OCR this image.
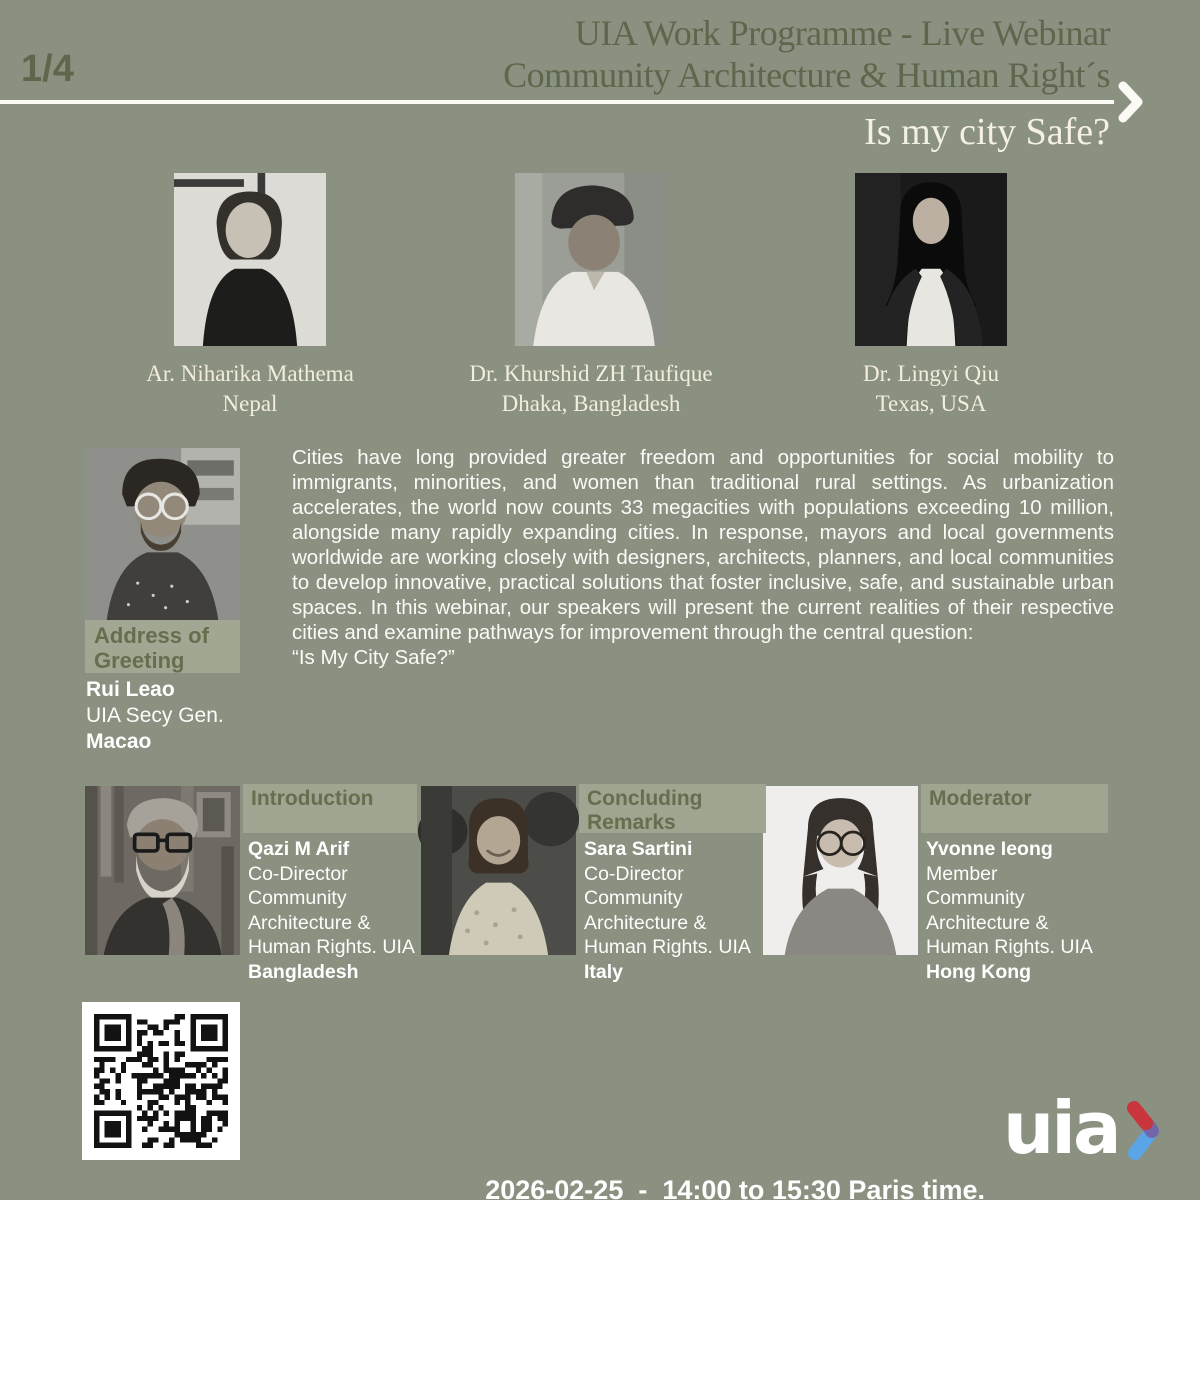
1/4
UIA Work Programme - Live Webinar
Community Architecture & Human Right´s
Is my city Safe?
Ar. Niharika Mathema
Nepal
Dr. Khurshid ZH Taufique
Dhaka, Bangladesh
Dr. Lingyi Qiu
Texas, USA
Address of Greeting
Rui Leao
UIA Secy Gen.
Macao
Cities have long provided greater freedom and opportunities for social mobility to immigrants, minorities, and women than traditional rural settings. As urbanization accelerates, the world now counts 33 megacities with populations exceeding 10 million, alongside many rapidly expanding cities. In response, mayors and local governments worldwide are working closely with designers, architects, planners, and local communities to develop innovative, practical solutions that foster inclusive, safe, and sustainable urban spaces. In this webinar, our speakers will present the current realities of their respective cities and examine pathways for improvement through the central question:
“Is My City Safe?”
Introduction	Concluding Remarks
Moderator
Qazi M Arif
Co-Director
Community
Architecture &
Human Rights. UIA
Bangladesh
Sara Sartini
Co-Director
Community
Architecture &
Human Rights. UIA
Italy
Yvonne Ieong
Member
Community
Architecture &
Human Rights. UIA
Hong Kong

2026-02-25  -  14:00 to 15:30 Paris time.

Zoom Webinar Link: https://us02web.zoom.us/j/87167430287

uia
